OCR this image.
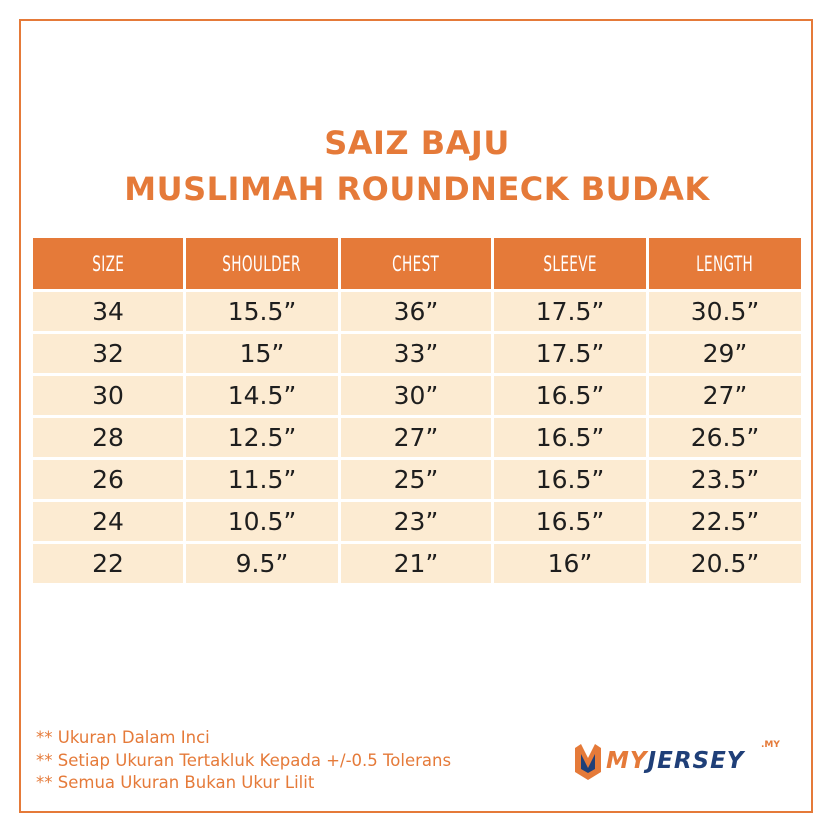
SAIZ BAJU
MUSLIMAH ROUNDNECK BUDAK
SIZE	SHOULDER	CHEST	SLEEVE	LENGTH
34	15.5”	36”	17.5”	30.5”
32	15”	33”	17.5”	29”
30	14.5”	30”	16.5”	27”
28	12.5”	27”	16.5”	26.5”
26	11.5”	25”	16.5”	23.5”
24	10.5”	23”	16.5”	22.5”
22	9.5”	21”	16”	20.5”
** Ukuran Dalam Inci
** Setiap Ukuran Tertakluk Kepada +/-0.5 Tolerans
** Semua Ukuran Bukan Ukur Lilit
MYJERSEY
.MY
